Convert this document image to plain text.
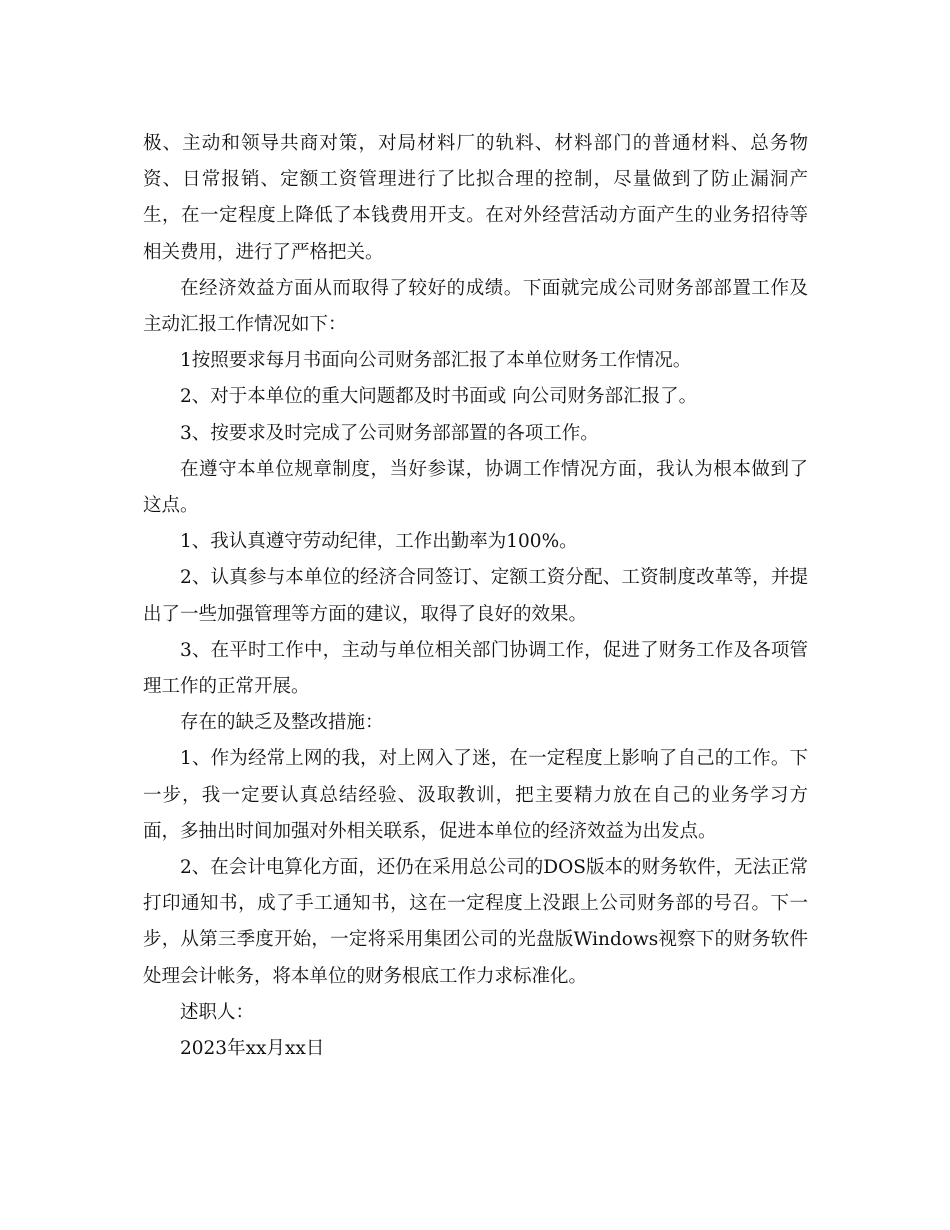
极、主动和领导共商对策，对局材料厂的轨料、材料部门的普通材料、总务物资、日常报销、定额工资管理进行了比拟合理的控制，尽量做到了防止漏洞产生，在一定程度上降低了本钱费用开支。在对外经营活动方面产生的业务招待等相关费用，进行了严格把关。

在经济效益方面从而取得了较好的成绩。下面就完成公司财务部部置工作及主动汇报工作情况如下：

1按照要求每月书面向公司财务部汇报了本单位财务工作情况。

2、对于本单位的重大问题都及时书面或 向公司财务部汇报了。

3、按要求及时完成了公司财务部部置的各项工作。

在遵守本单位规章制度，当好参谋，协调工作情况方面，我认为根本做到了这点。

1、我认真遵守劳动纪律，工作出勤率为100%。

2、认真参与本单位的经济合同签订、定额工资分配、工资制度改革等，并提出了一些加强管理等方面的建议，取得了良好的效果。

3、在平时工作中，主动与单位相关部门协调工作，促进了财务工作及各项管理工作的正常开展。

存在的缺乏及整改措施：

1、作为经常上网的我，对上网入了迷，在一定程度上影响了自己的工作。下一步，我一定要认真总结经验、汲取教训，把主要精力放在自己的业务学习方面，多抽出时间加强对外相关联系，促进本单位的经济效益为出发点。

2、在会计电算化方面，还仍在采用总公司的DOS版本的财务软件，无法正常打印通知书，成了手工通知书，这在一定程度上没跟上公司财务部的号召。下一步，从第三季度开始，一定将采用集团公司的光盘版Windows视察下的财务软件处理会计帐务，将本单位的财务根底工作力求标准化。

述职人：

2023年xx月xx日
